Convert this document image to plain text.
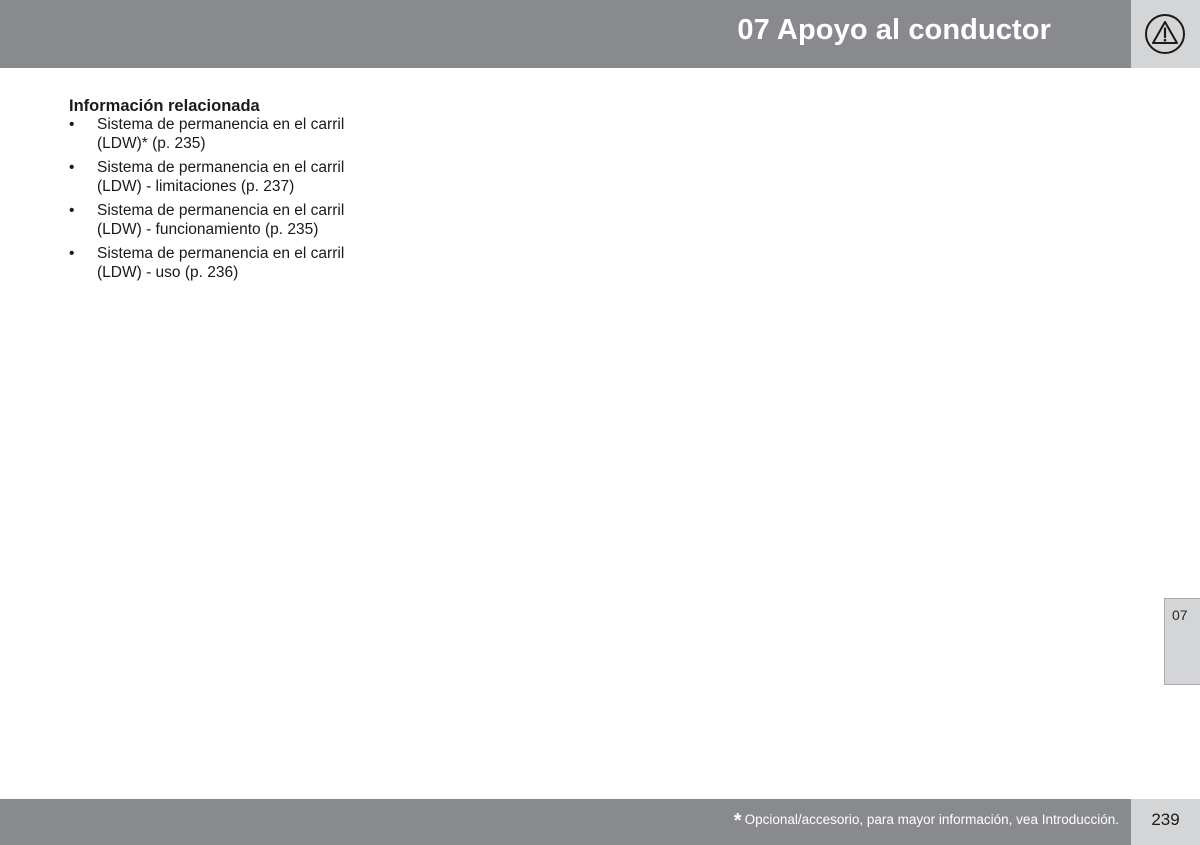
07 Apoyo al conductor
Información relacionada
• Sistema de permanencia en el carril
(LDW)* (p. 235)
• Sistema de permanencia en el carril
(LDW) - limitaciones (p. 237)
• Sistema de permanencia en el carril
(LDW) - funcionamiento (p. 235)
• Sistema de permanencia en el carril
(LDW) - uso (p. 236)
07
* Opcional/accesorio, para mayor información, vea Introducción.	239
